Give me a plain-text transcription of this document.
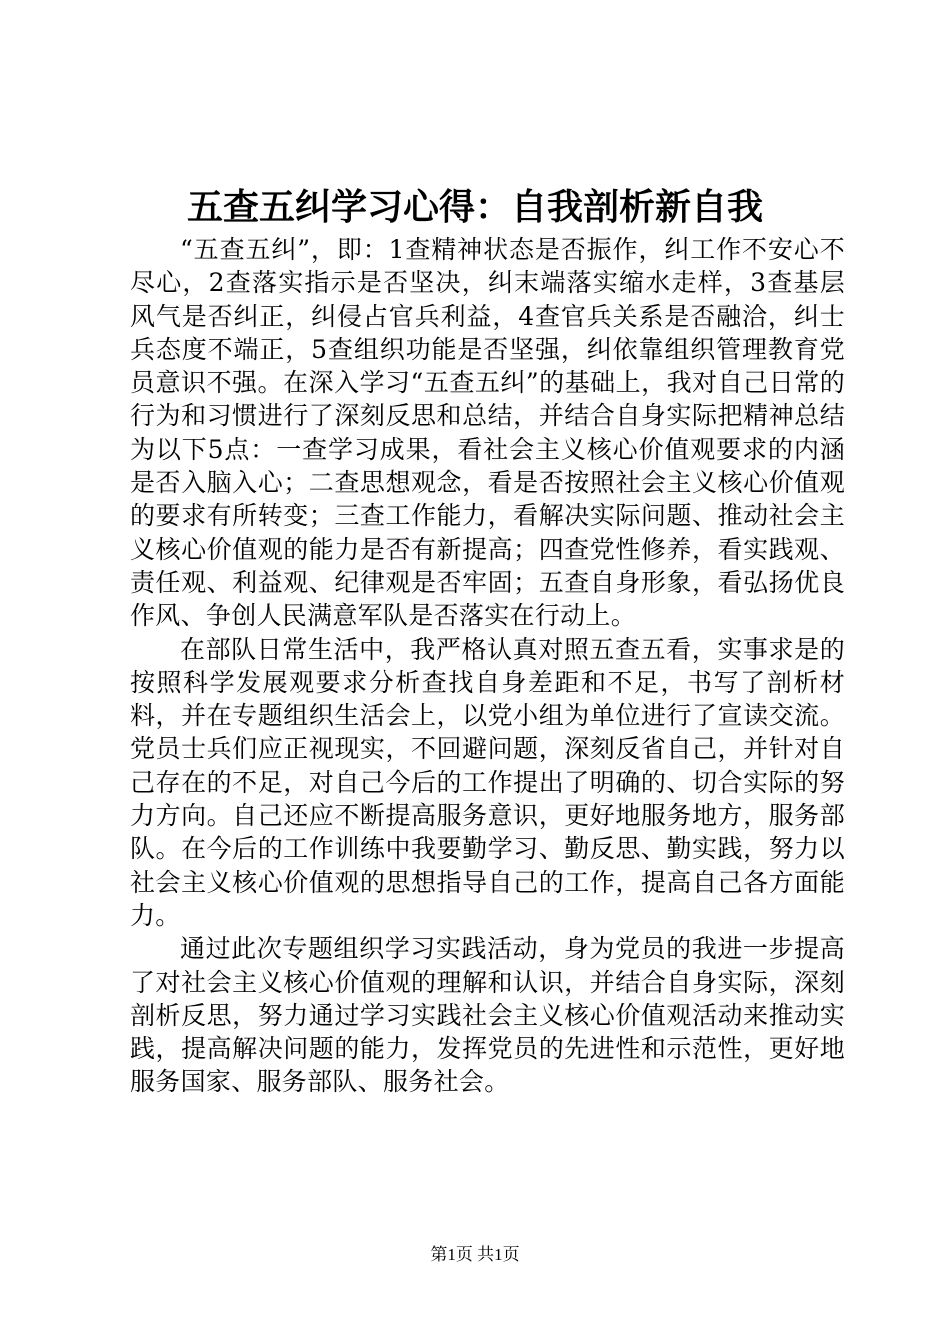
五查五纠学习心得：自我剖析新自我

“五查五纠”，即：1查精神状态是否振作，纠工作不安心不尽心，2查落实指示是否坚决，纠末端落实缩水走样，3查基层风气是否纠正，纠侵占官兵利益，4查官兵关系是否融洽，纠士兵态度不端正，5查组织功能是否坚强，纠依靠组织管理教育党员意识不强。在深入学习“五查五纠”的基础上，我对自己日常的行为和习惯进行了深刻反思和总结，并结合自身实际把精神总结为以下5点：一查学习成果，看社会主义核心价值观要求的内涵是否入脑入心；二查思想观念，看是否按照社会主义核心价值观的要求有所转变；三查工作能力，看解决实际问题、推动社会主义核心价值观的能力是否有新提高；四查党性修养，看实践观、责任观、利益观、纪律观是否牢固；五查自身形象，看弘扬优良作风、争创人民满意军队是否落实在行动上。

在部队日常生活中，我严格认真对照五查五看，实事求是的按照科学发展观要求分析查找自身差距和不足，书写了剖析材料，并在专题组织生活会上，以党小组为单位进行了宣读交流。党员士兵们应正视现实，不回避问题，深刻反省自己，并针对自己存在的不足，对自己今后的工作提出了明确的、切合实际的努力方向。自己还应不断提高服务意识，更好地服务地方，服务部队。在今后的工作训练中我要勤学习、勤反思、勤实践，努力以社会主义核心价值观的思想指导自己的工作，提高自己各方面能力。

通过此次专题组织学习实践活动，身为党员的我进一步提高了对社会主义核心价值观的理解和认识，并结合自身实际，深刻剖析反思，努力通过学习实践社会主义核心价值观活动来推动实践，提高解决问题的能力，发挥党员的先进性和示范性，更好地服务国家、服务部队、服务社会。

第1页 共1页
